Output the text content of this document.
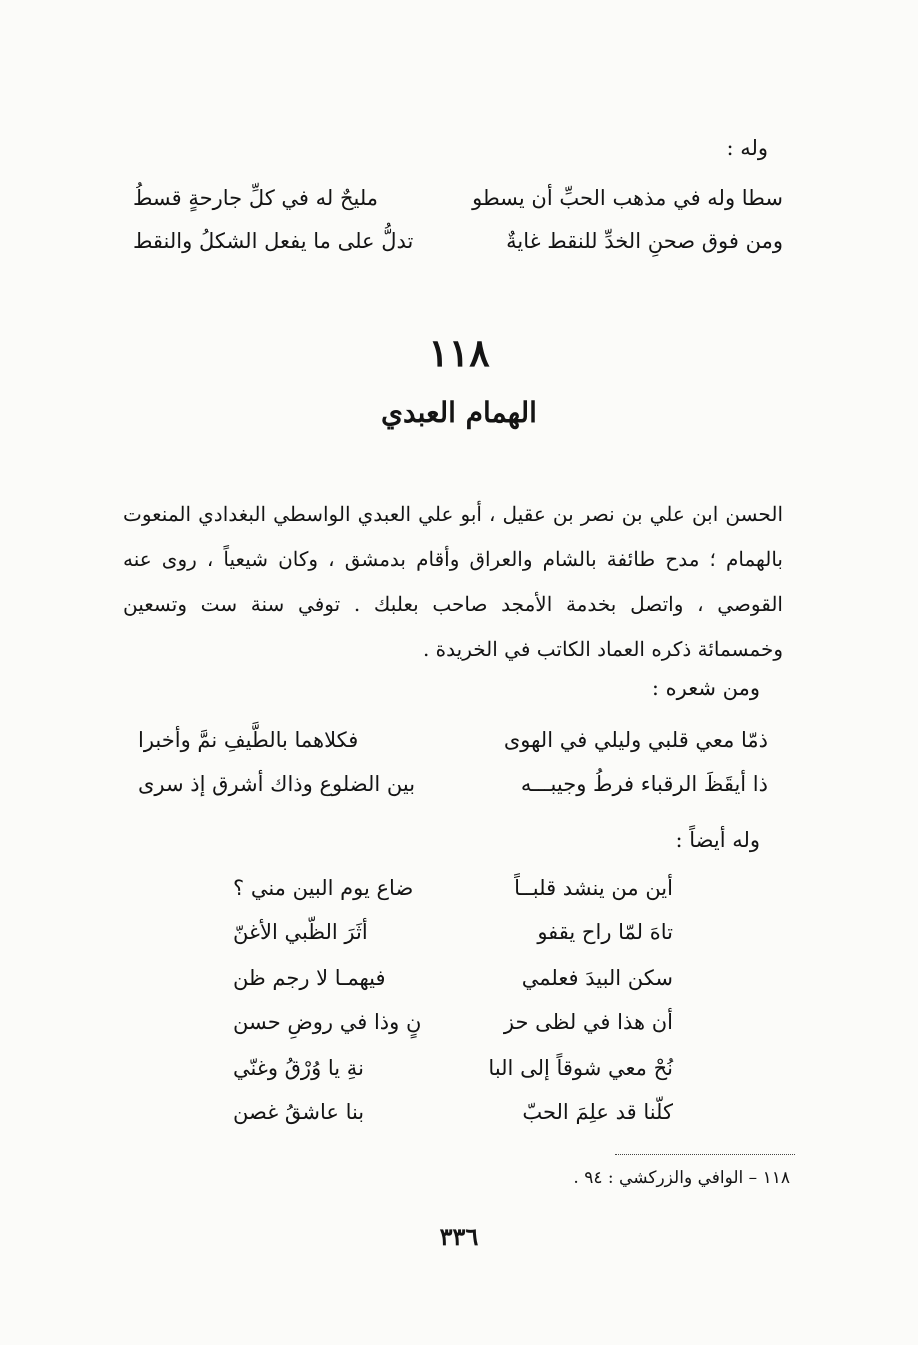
وله :
سطا وله في مذهب الحبِّ أن يسطو
مليحٌ له في كلِّ جارحةٍ قسطُ
ومن فوق صحنِ الخدِّ للنقط غايةٌ
تدلُّ على ما يفعل الشكلُ والنقط
١١٨
الهمام العبدي

الحسن ابن علي بن نصر بن عقيل ، أبو علي العبدي الواسطي البغدادي المنعوت بالهمام ؛ مدح طائفة بالشام والعراق وأقام بدمشق ، وكان شيعياً ، روى عنه القوصي ، واتصل بخدمة الأمجد صاحب بعلبك . توفي سنة ست وتسعين وخمسمائة ذكره العماد الكاتب في الخريدة .

ومن شعره :
ذمّا معي قلبي وليلي في الهوى
فكلاهما بالطَّيفِ نمَّ وأخبرا
ذا أيقَظَ الرقباء فرطُ وجيبـــه
بين الضلوع وذاك أشرق إذ سرى
وله أيضاً :
أين من ينشد قلبــاً
ضاع يوم البين مني ؟
تاهَ لمّا راح يقفو
أثَرَ الظّبي الأغنّ
سكن البيدَ فعلمي
فيهمـا لا رجم ظن
أن هذا في لظى حز
نٍ وذا في روضِ حسن
نُحْ معي شوقاً إلى البا
نةِ يا وُرْقُ وغنّي
كلّنا قد علِمَ الحبّ
بنا عاشقُ غصن
١١٨ – الوافي والزركشي : ٩٤ .
٣٣٦
